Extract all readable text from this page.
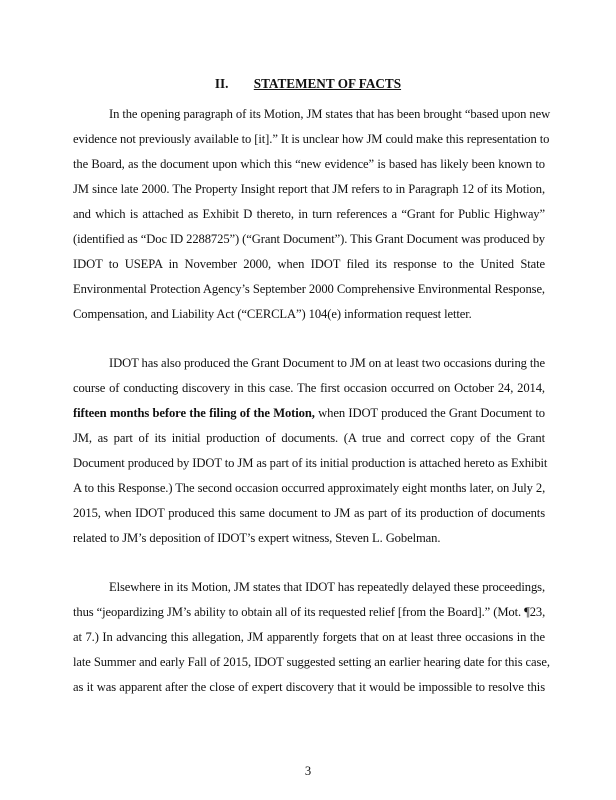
II. STATEMENT OF FACTS
In the opening paragraph of its Motion, JM states that has been brought “based upon new
evidence not previously available to [it].” It is unclear how JM could make this representation to
the Board, as the document upon which this “new evidence” is based has likely been known to
JM since late 2000. The Property Insight report that JM refers to in Paragraph 12 of its Motion,
and which is attached as Exhibit D thereto, in turn references a “Grant for Public Highway”
(identified as “Doc ID 2288725”) (“Grant Document”). This Grant Document was produced by
IDOT to USEPA in November 2000, when IDOT filed its response to the United State
Environmental Protection Agency’s September 2000 Comprehensive Environmental Response,
Compensation, and Liability Act (“CERCLA”) 104(e) information request letter.
IDOT has also produced the Grant Document to JM on at least two occasions during the
course of conducting discovery in this case. The first occasion occurred on October 24, 2014,
fifteen months before the filing of the Motion, when IDOT produced the Grant Document to
JM, as part of its initial production of documents. (A true and correct copy of the Grant
Document produced by IDOT to JM as part of its initial production is attached hereto as Exhibit
A to this Response.) The second occasion occurred approximately eight months later, on July 2,
2015, when IDOT produced this same document to JM as part of its production of documents
related to JM’s deposition of IDOT’s expert witness, Steven L. Gobelman.
Elsewhere in its Motion, JM states that IDOT has repeatedly delayed these proceedings,
thus “jeopardizing JM’s ability to obtain all of its requested relief [from the Board].” (Mot. ¶23,
at 7.) In advancing this allegation, JM apparently forgets that on at least three occasions in the
late Summer and early Fall of 2015, IDOT suggested setting an earlier hearing date for this case,
as it was apparent after the close of expert discovery that it would be impossible to resolve this
3
